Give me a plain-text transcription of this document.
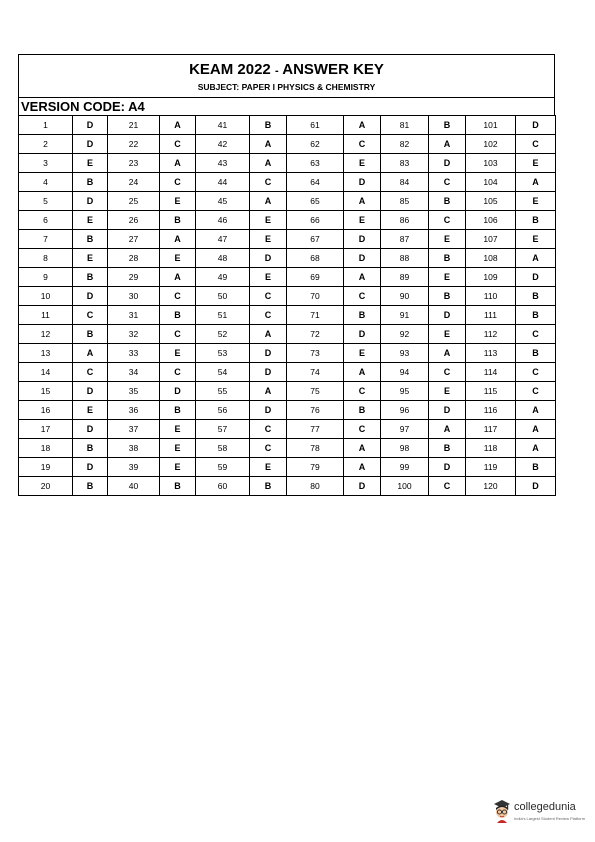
KEAM 2022 - ANSWER KEY
SUBJECT: PAPER I PHYSICS & CHEMISTRY
VERSION CODE: A4
1	D	21	A	41	B	61	A	81	B	101	D
2	D	22	C	42	A	62	C	82	A	102	C
3	E	23	A	43	A	63	E	83	D	103	E
4	B	24	C	44	C	64	D	84	C	104	A
5	D	25	E	45	A	65	A	85	B	105	E
6	E	26	B	46	E	66	E	86	C	106	B
7	B	27	A	47	E	67	D	87	E	107	E
8	E	28	E	48	D	68	D	88	B	108	A
9	B	29	A	49	E	69	A	89	E	109	D
10	D	30	C	50	C	70	C	90	B	110	B
11	C	31	B	51	C	71	B	91	D	111	B
12	B	32	C	52	A	72	D	92	E	112	C
13	A	33	E	53	D	73	E	93	A	113	B
14	C	34	C	54	D	74	A	94	C	114	C
15	D	35	D	55	A	75	C	95	E	115	C
16	E	36	B	56	D	76	B	96	D	116	A
17	D	37	E	57	C	77	C	97	A	117	A
18	B	38	E	58	C	78	A	98	B	118	A
19	D	39	E	59	E	79	A	99	D	119	B
20	B	40	B	60	B	80	D	100	C	120	D
collegedunia
India's Largest Student Review Platform
